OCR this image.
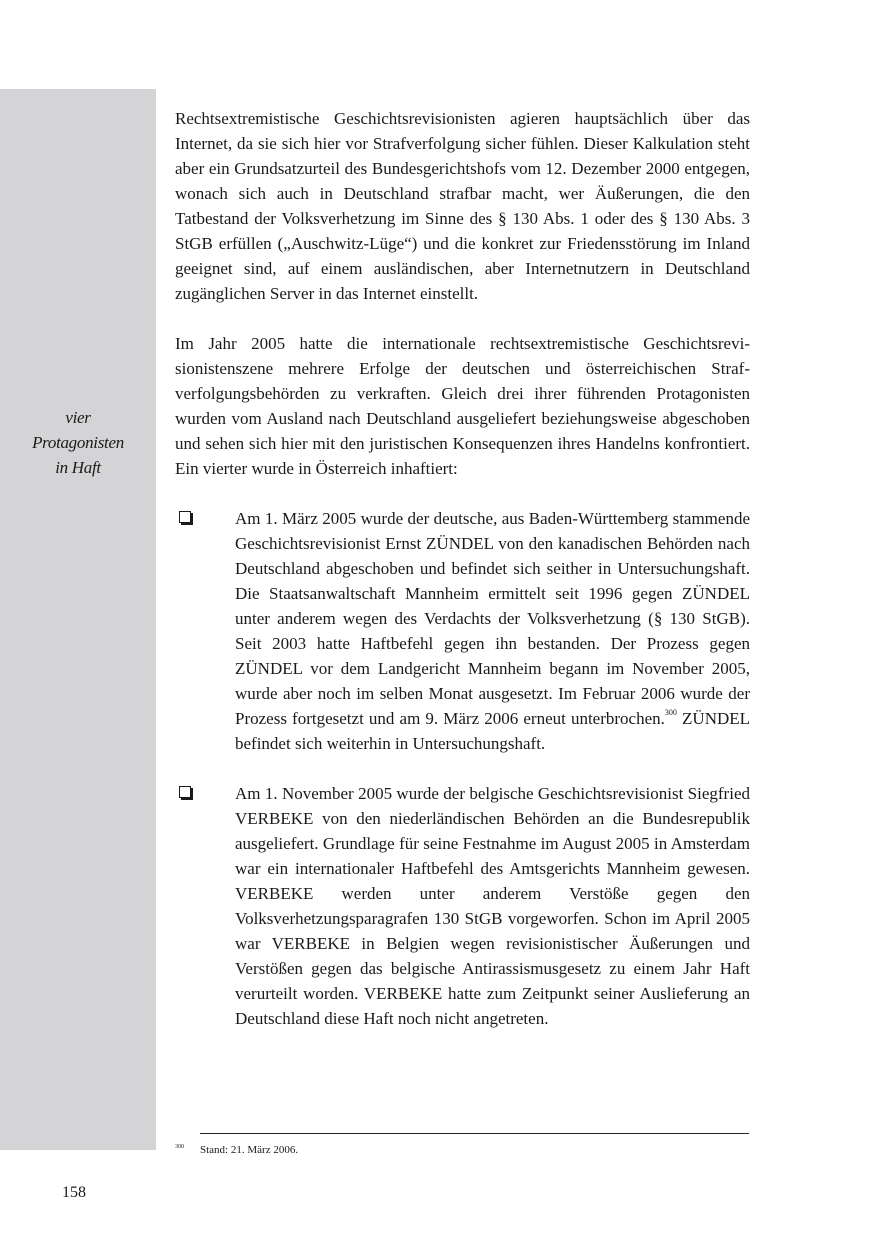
vier
Protagonisten
in Haft

Rechtsextremistische Geschichtsrevisionisten agieren hauptsächlich über das Internet, da sie sich hier vor Strafverfolgung sicher fühlen. Dieser Kalkulation steht aber ein Grundsatzurteil des Bundesgerichtshofs vom 12. Dezember 2000 entgegen, wonach sich auch in Deutschland strafbar macht, wer Äußerungen, die den Tatbestand der Volksverhetzung im Sinne des § 130 Abs. 1 oder des § 130 Abs. 3 StGB erfüllen („Auschwitz-Lüge“) und die konkret zur Friedensstörung im Inland geeignet sind, auf einem ausländischen, aber Internetnutzern in Deutschland zugänglichen Server in das Internet einstellt.

Im Jahr 2005 hatte die internationale rechtsextremistische Geschichtsrevisionistenszene mehrere Erfolge der deutschen und österreichischen Strafverfolgungsbehörden zu verkraften. Gleich drei ihrer führenden Protagonisten wurden vom Ausland nach Deutschland ausgeliefert beziehungsweise abgeschoben und sehen sich hier mit den juristischen Konsequenzen ihres Handelns konfrontiert. Ein vierter wurde in Österreich inhaftiert:

Am 1. März 2005 wurde der deutsche, aus Baden-Württemberg stammende Geschichtsrevisionist Ernst ZÜNDEL von den kanadischen Behörden nach Deutschland abgeschoben und befindet sich seither in Untersuchungshaft. Die Staatsanwaltschaft Mannheim ermittelt seit 1996 gegen ZÜNDEL unter anderem wegen des Verdachts der Volksverhetzung (§ 130 StGB). Seit 2003 hatte Haftbefehl gegen ihn bestanden. Der Prozess gegen ZÜNDEL vor dem Landgericht Mannheim begann im November 2005, wurde aber noch im selben Monat ausgesetzt. Im Februar 2006 wurde der Prozess fortgesetzt und am 9. März 2006 erneut unterbrochen.$^{300}$ ZÜNDEL befindet sich weiterhin in Untersuchungshaft.
Am 1. November 2005 wurde der belgische Geschichtsrevisionist Siegfried VERBEKE von den niederländischen Behörden an die Bundesrepublik ausgeliefert. Grundlage für seine Festnahme im August 2005 in Amsterdam war ein internationaler Haftbefehl des Amtsgerichts Mannheim gewesen. VERBEKE werden unter anderem Verstöße gegen den Volksverhetzungsparagrafen 130 StGB vorgeworfen. Schon im April 2005 war VERBEKE in Belgien wegen revisionistischer Äußerungen und Verstößen gegen das belgische Antirassismusgesetz zu einem Jahr Haft verurteilt worden. VERBEKE hatte zum Zeitpunkt seiner Auslieferung an Deutschland diese Haft noch nicht angetreten.
300 Stand: 21. März 2006.
158
